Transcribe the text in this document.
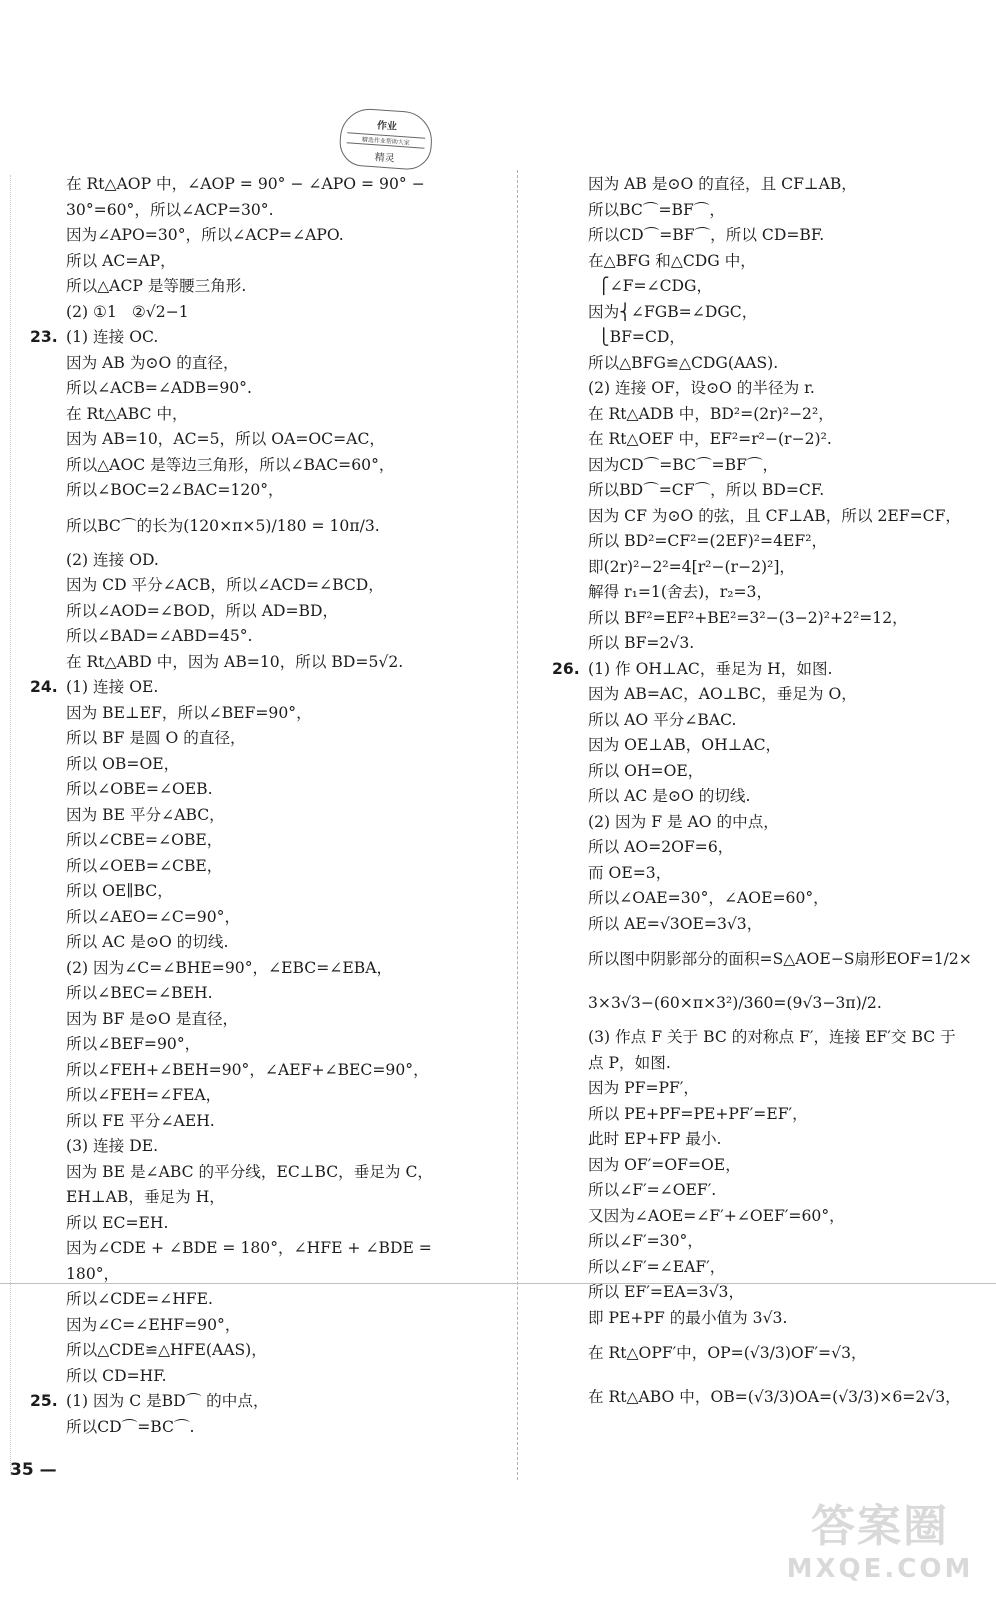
作业
精选作业帮助大家
精灵
在 Rt△AOP 中，∠AOP = 90° − ∠APO = 90° −
30°=60°，所以∠ACP=30°.
因为∠APO=30°，所以∠ACP=∠APO.
所以 AC=AP，
所以△ACP 是等腰三角形.
(2) ①1   ②√2−1
23. (1) 连接 OC.
因为 AB 为⊙O 的直径，
所以∠ACB=∠ADB=90°.
在 Rt△ABC 中，
因为 AB=10，AC=5，所以 OA=OC=AC，
所以△AOC 是等边三角形，所以∠BAC=60°，
所以∠BOC=2∠BAC=120°，
所以BC⌒的长为(120×π×5)/180 = 10π/3.
(2) 连接 OD.
因为 CD 平分∠ACB，所以∠ACD=∠BCD，
所以∠AOD=∠BOD，所以 AD=BD，
所以∠BAD=∠ABD=45°.
在 Rt△ABD 中，因为 AB=10，所以 BD=5√2.
24. (1) 连接 OE.
因为 BE⊥EF，所以∠BEF=90°，
所以 BF 是圆 O 的直径，
所以 OB=OE，
所以∠OBE=∠OEB.
因为 BE 平分∠ABC，
所以∠CBE=∠OBE，
所以∠OEB=∠CBE，
所以 OE∥BC，
所以∠AEO=∠C=90°，
所以 AC 是⊙O 的切线.
(2) 因为∠C=∠BHE=90°，∠EBC=∠EBA，
所以∠BEC=∠BEH.
因为 BF 是⊙O 是直径，
所以∠BEF=90°，
所以∠FEH+∠BEH=90°，∠AEF+∠BEC=90°，
所以∠FEH=∠FEA，
所以 FE 平分∠AEH.
(3) 连接 DE.
因为 BE 是∠ABC 的平分线，EC⊥BC，垂足为 C，
EH⊥AB，垂足为 H，
所以 EC=EH.
因为∠CDE + ∠BDE = 180°，∠HFE + ∠BDE =
180°，
所以∠CDE=∠HFE.
因为∠C=∠EHF=90°，
所以△CDE≌△HFE(AAS)，
所以 CD=HF.
25. (1) 因为 C 是BD⌒ 的中点，
所以CD⌒=BC⌒.
因为 AB 是⊙O 的直径，且 CF⊥AB，
所以BC⌒=BF⌒，
所以CD⌒=BF⌒，所以 CD=BF.
在△BFG 和△CDG 中，
⎧∠F=∠CDG，
因为⎨∠FGB=∠DGC，
⎩BF=CD，
所以△BFG≌△CDG(AAS).
(2) 连接 OF，设⊙O 的半径为 r.
在 Rt△ADB 中，BD²=(2r)²−2²，
在 Rt△OEF 中，EF²=r²−(r−2)².
因为CD⌒=BC⌒=BF⌒，
所以BD⌒=CF⌒，所以 BD=CF.
因为 CF 为⊙O 的弦，且 CF⊥AB，所以 2EF=CF，
所以 BD²=CF²=(2EF)²=4EF²，
即(2r)²−2²=4[r²−(r−2)²]，
解得 r₁=1(舍去)，r₂=3，
所以 BF²=EF²+BE²=3²−(3−2)²+2²=12，
所以 BF=2√3.
26. (1) 作 OH⊥AC，垂足为 H，如图.
因为 AB=AC，AO⊥BC，垂足为 O，
所以 AO 平分∠BAC.
因为 OE⊥AB，OH⊥AC，
所以 OH=OE，
所以 AC 是⊙O 的切线.
(2) 因为 F 是 AO 的中点，
所以 AO=2OF=6，
而 OE=3，
所以∠OAE=30°，∠AOE=60°，
所以 AE=√3OE=3√3，
所以图中阴影部分的面积=S△AOE−S扇形EOF=1/2×
3×3√3−(60×π×3²)/360=(9√3−3π)/2.
(3) 作点 F 关于 BC 的对称点 F′，连接 EF′交 BC 于
点 P，如图.
因为 PF=PF′，
所以 PE+PF=PE+PF′=EF′，
此时 EP+FP 最小.
因为 OF′=OF=OE，
所以∠F′=∠OEF′.
又因为∠AOE=∠F′+∠OEF′=60°，
所以∠F′=30°，
所以∠F′=∠EAF′，
所以 EF′=EA=3√3，
即 PE+PF 的最小值为 3√3.
在 Rt△OPF′中，OP=(√3/3)OF′=√3，
在 Rt△ABO 中，OB=(√3/3)OA=(√3/3)×6=2√3，
35 —
答案圈
MXQE.COM
